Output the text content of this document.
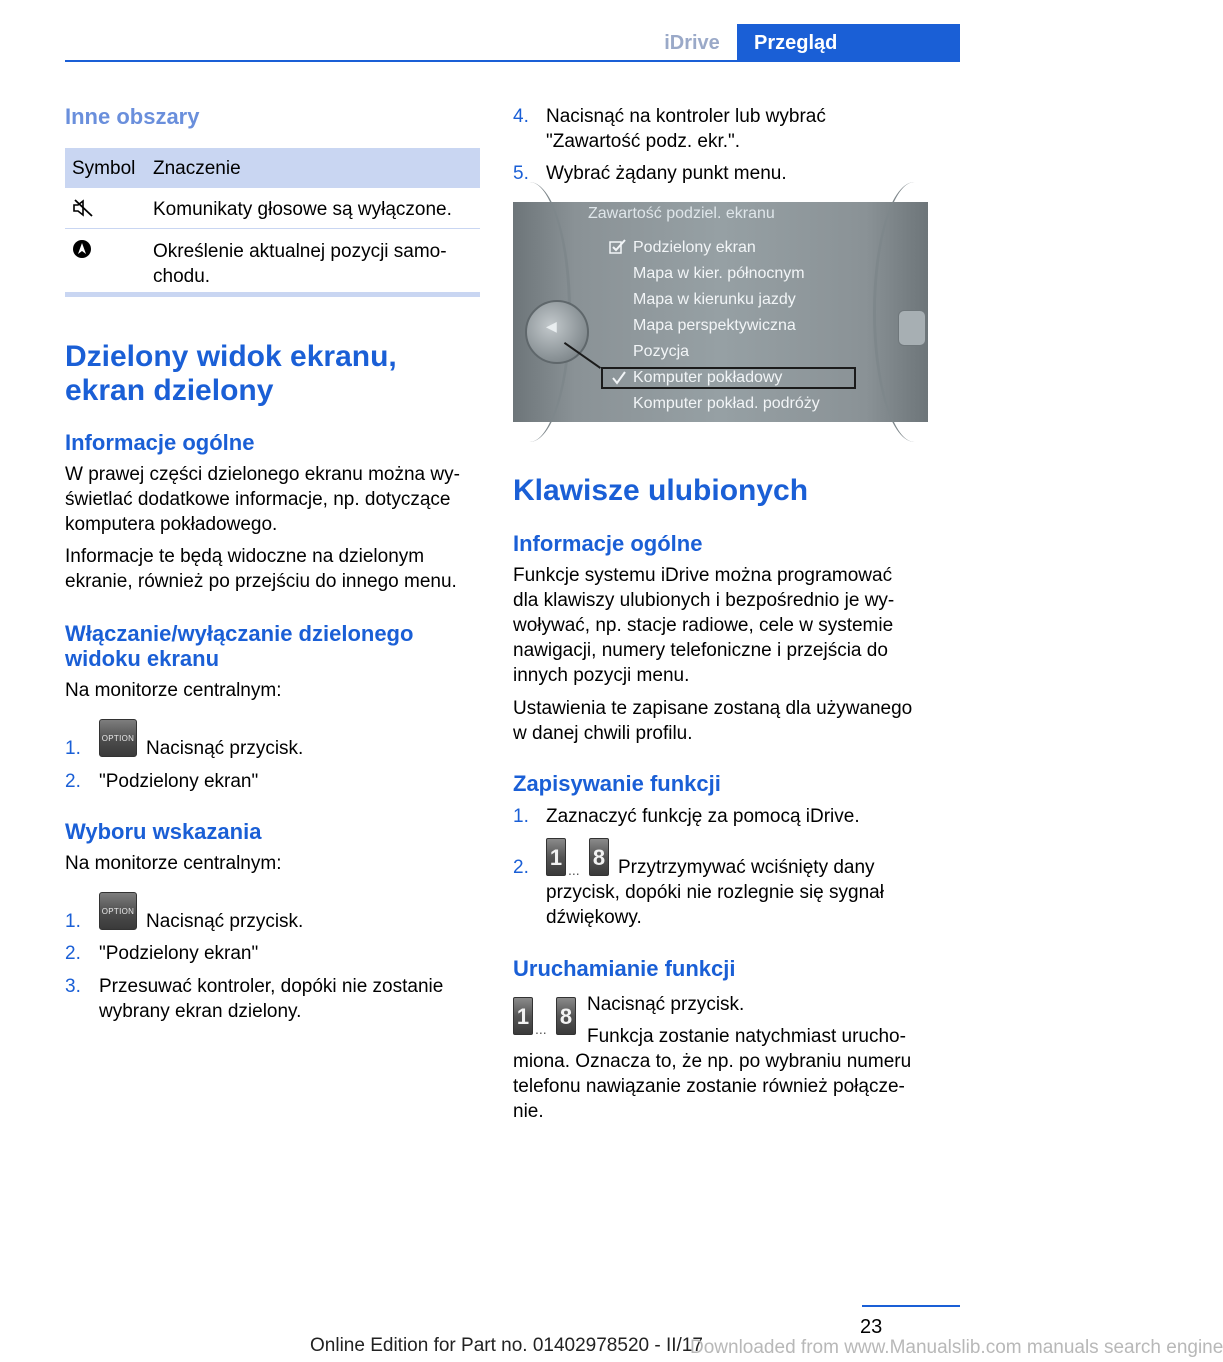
iDrive	Przegląd
Inne obszary
Symbol Znaczenie
Komunikaty głosowe są wyłączone.
Określenie aktualnej pozycji samo-
chodu.
Dzielony widok ekranu,
ekran dzielony
Informacje ogólne
W prawej części dzielonego ekranu można wy-
świetlać dodatkowe informacje, np. dotyczące
komputera pokładowego.
Informacje te będą widoczne na dzielonym
ekranie, również po przejściu do innego menu.
Włączanie/wyłączanie dzielonego
widoku ekranu
Na monitorze centralnym:
1.	OPTION Nacisnąć przycisk.
2. "Podzielony ekran"
Wyboru wskazania
Na monitorze centralnym:
1.	OPTION Nacisnąć przycisk.
2. "Podzielony ekran"
3. Przesuwać kontroler, dopóki nie zostanie
wybrany ekran dzielony.
4. Nacisnąć na kontroler lub wybrać
"Zawartość podz. ekr.".
5. Wybrać żądany punkt menu.
◀
Zawartość podziel. ekranu
Podzielony ekran
Mapa w kier. północnym
Mapa w kierunku jazdy
Mapa perspektywiczna
Pozycja
Komputer pokładowy
Komputer pokład. podróży
Klawisze ulubionych
Informacje ogólne
Funkcje systemu iDrive można programować
dla klawiszy ulubionych i bezpośrednio je wy-
woływać, np. stacje radiowe, cele w systemie
nawigacji, numery telefoniczne i przejścia do
innych pozycji menu.
Ustawienia te zapisane zostaną dla używanego
w danej chwili profilu.
Zapisywanie funkcji
1. Zaznaczyć funkcję za pomocą iDrive.
2. 1 ... 8 Przytrzymywać wciśnięty dany
przycisk, dopóki nie rozlegnie się sygnał
dźwiękowy.
Uruchamianie funkcji
1 ... 8 Nacisnąć przycisk.
Funkcja zostanie natychmiast urucho-
miona. Oznacza to, że np. po wybraniu numeru
telefonu nawiązanie zostanie również połącze-
nie.
23
Online Edition for Part no. 01402978520 - II/17
Downloaded from www.Manualslib.com manuals search engine
